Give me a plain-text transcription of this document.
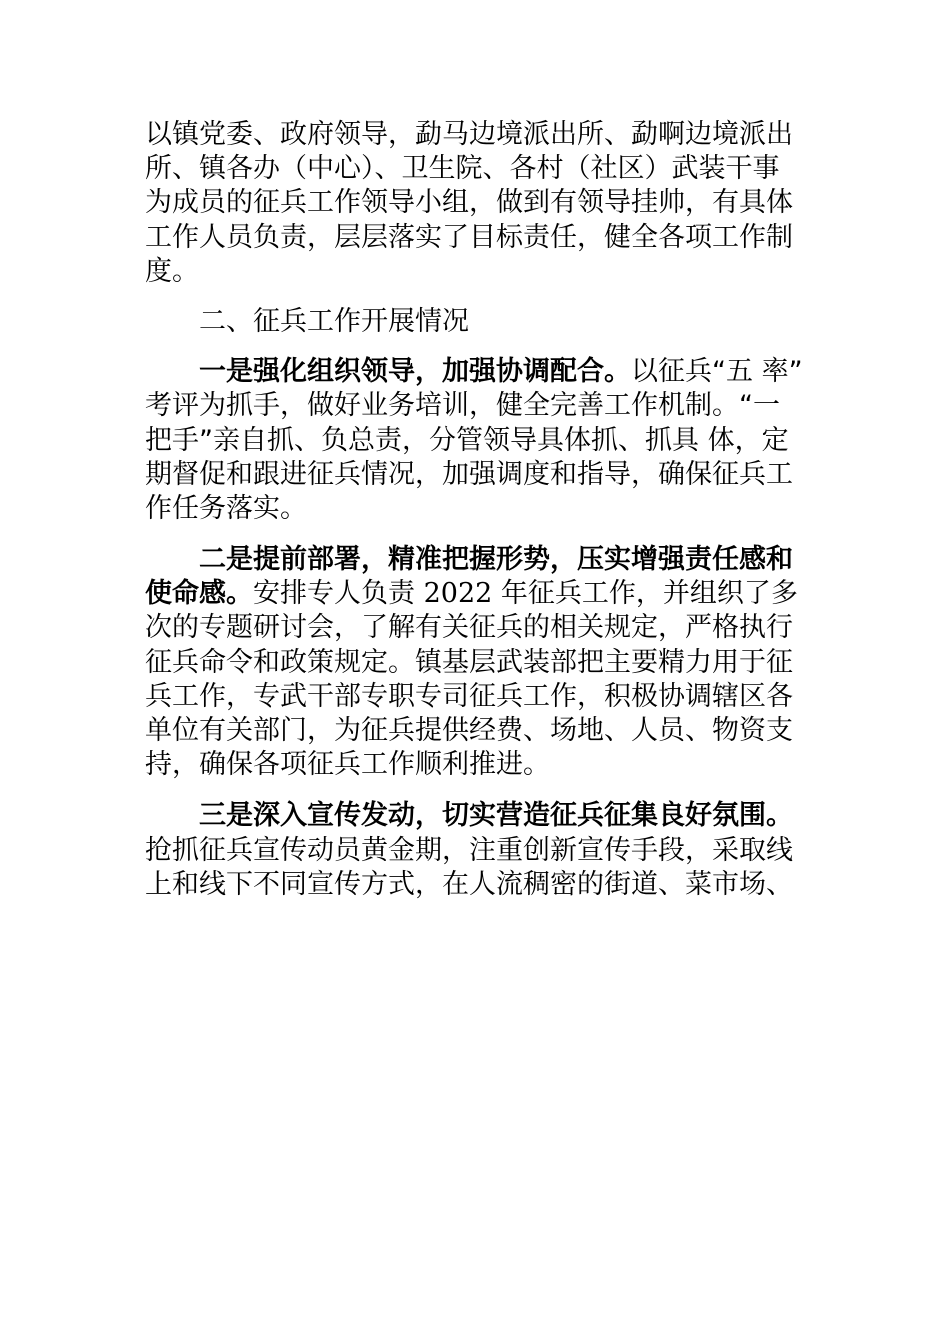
以镇党委、政府领导，勐马边境派出所、勐啊边境派出
所、镇各办（中心）、卫生院、各村（社区）武装干事
为成员的征兵工作领导小组，做到有领导挂帅，有具体
工作人员负责，层层落实了目标责任，健全各项工作制
度。
二、征兵工作开展情况
一是强化组织领导，加强协调配合。以征兵“五 率”
考评为抓手，做好业务培训，健全完善工作机制。“一
把手”亲自抓、负总责，分管领导具体抓、抓具 体，定
期督促和跟进征兵情况，加强调度和指导，确保征兵工
作任务落实。
二是提前部署，精准把握形势，压实增强责任感和
使命感。安排专人负责 2022 年征兵工作，并组织了多
次的专题研讨会，了解有关征兵的相关规定，严格执行
征兵命令和政策规定。镇基层武装部把主要精力用于征
兵工作，专武干部专职专司征兵工作，积极协调辖区各
单位有关部门，为征兵提供经费、场地、人员、物资支
持，确保各项征兵工作顺利推进。
三是深入宣传发动，切实营造征兵征集良好氛围。
抢抓征兵宣传动员黄金期，注重创新宣传手段，采取线
上和线下不同宣传方式，在人流稠密的街道、菜市场、
